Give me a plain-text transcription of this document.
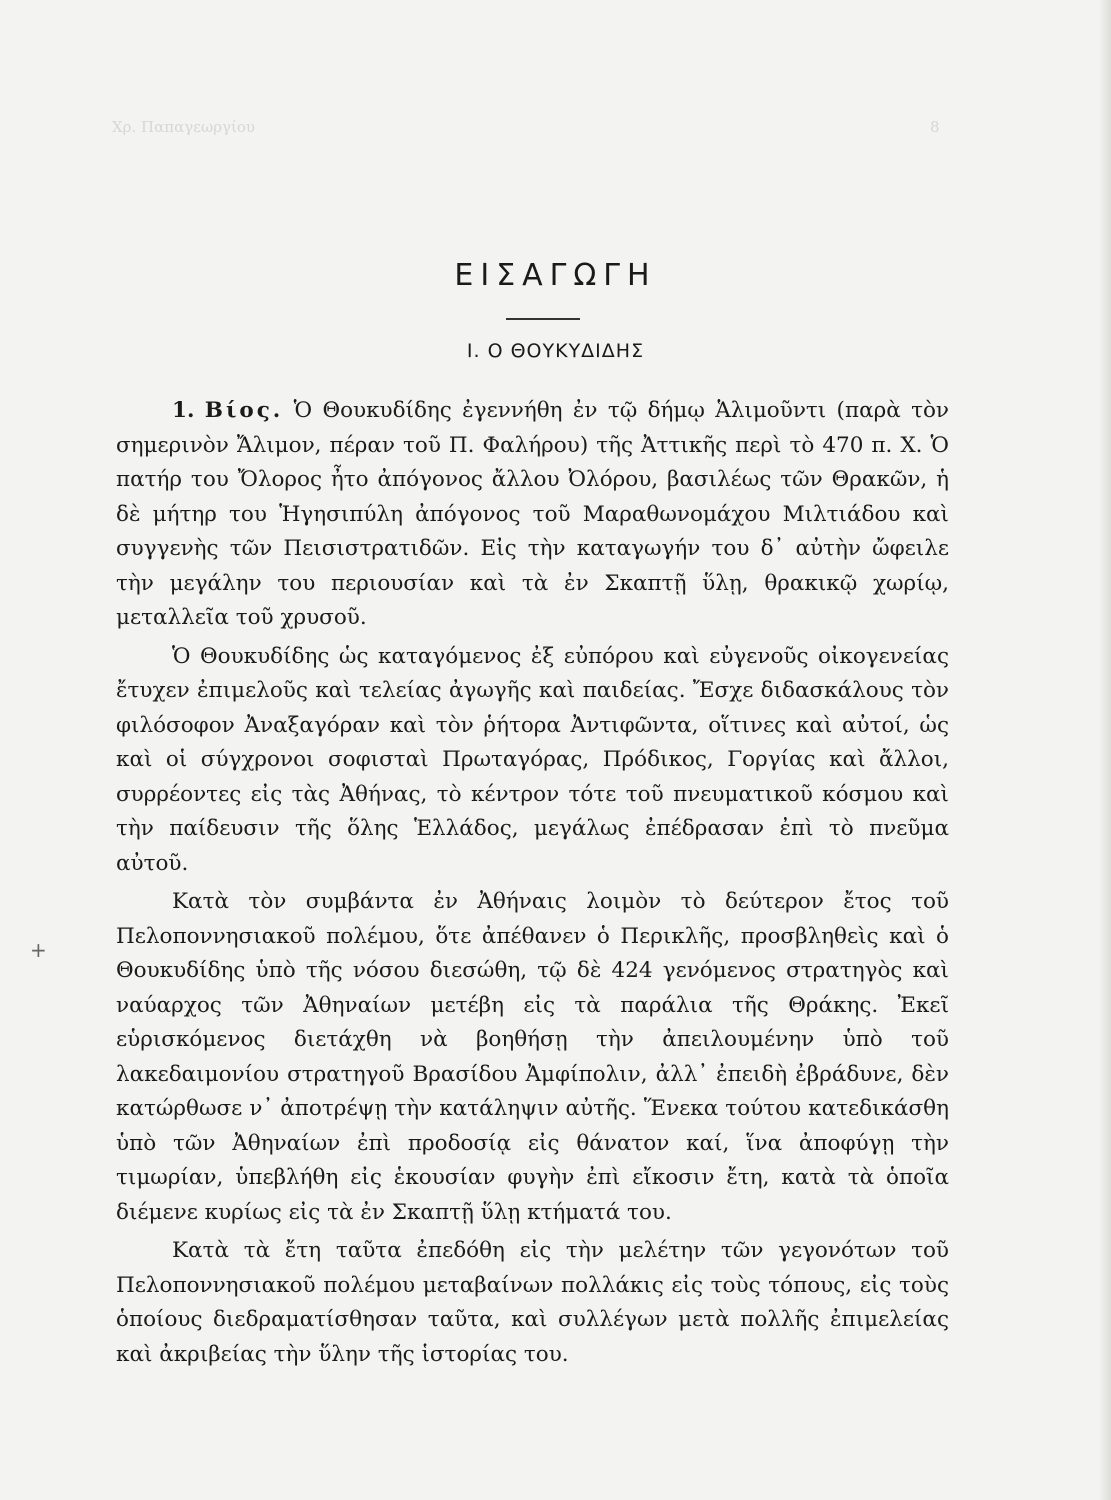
Χρ. Παπαγεωργίου	8
ΕΙΣΑΓΩΓΗ
Ι. Ο ΘΟΥΚΥΔΙΔΗΣ

1. Βίος. Ὁ Θουκυδίδης ἐγεννήθη ἐν τῷ δήμῳ Ἁλιμοῦντι (παρὰ τὸν σημερινὸν Ἄλιμον, πέραν τοῦ Π. Φαλήρου) τῆς Ἀττικῆς περὶ τὸ 470 π. Χ. Ὁ πατήρ του Ὄλορος ἦτο ἀπόγονος ἄλλου Ὀλόρου, βασιλέως τῶν Θρακῶν, ἡ δὲ μήτηρ του Ἡγησιπύλη ἀπόγονος τοῦ Μαραθωνομάχου Μιλτιάδου καὶ συγγενὴς τῶν Πεισιστρατιδῶν. Εἰς τὴν καταγωγήν του δ᾿ αὐτὴν ὤφειλε τὴν μεγάλην του περιουσίαν καὶ τὰ ἐν Σκαπτῇ ὕλῃ, θρακικῷ χωρίῳ, μεταλλεῖα τοῦ χρυσοῦ.

Ὁ Θουκυδίδης ὡς καταγόμενος ἐξ εὐπόρου καὶ εὐγενοῦς οἰκογενείας ἔτυχεν ἐπιμελοῦς καὶ τελείας ἀγωγῆς καὶ παιδείας. Ἔσχε διδασκάλους τὸν φιλόσοφον Ἀναξαγόραν καὶ τὸν ῥήτορα Ἀντιφῶντα, οἵτινες καὶ αὐτοί, ὡς καὶ οἱ σύγχρονοι σοφισταὶ Πρωταγόρας, Πρόδικος, Γοργίας καὶ ἄλλοι, συρρέοντες εἰς τὰς Ἀθήνας, τὸ κέντρον τότε τοῦ πνευματικοῦ κόσμου καὶ τὴν παίδευσιν τῆς ὅλης Ἑλλάδος, μεγάλως ἐπέδρασαν ἐπὶ τὸ πνεῦμα αὐτοῦ.

Κατὰ τὸν συμβάντα ἐν Ἀθήναις λοιμὸν τὸ δεύτερον ἔτος τοῦ Πελοποννησιακοῦ πολέμου, ὅτε ἀπέθανεν ὁ Περικλῆς, προσβληθεὶς καὶ ὁ Θουκυδίδης ὑπὸ τῆς νόσου διεσώθη, τῷ δὲ 424 γενόμενος στρατηγὸς καὶ ναύαρχος τῶν Ἀθηναίων μετέβη εἰς τὰ παράλια τῆς Θράκης. Ἐκεῖ εὑρισκόμενος διετάχθη νὰ βοηθήσῃ τὴν ἀπειλουμένην ὑπὸ τοῦ λακεδαιμονίου στρατηγοῦ Βρασίδου Ἀμφίπολιν, ἀλλ᾿ ἐπειδὴ ἐβράδυνε, δὲν κατώρθωσε ν᾿ ἀποτρέψῃ τὴν κατάληψιν αὐτῆς. Ἕνεκα τούτου κατεδικάσθη ὑπὸ τῶν Ἀθηναίων ἐπὶ προδοσίᾳ εἰς θάνατον καί, ἵνα ἀποφύγῃ τὴν τιμωρίαν, ὑπεβλήθη εἰς ἑκουσίαν φυγὴν ἐπὶ εἴκοσιν ἔτη, κατὰ τὰ ὁποῖα διέμενε κυρίως εἰς τὰ ἐν Σκαπτῇ ὕλῃ κτήματά του.

Κατὰ τὰ ἔτη ταῦτα ἐπεδόθη εἰς τὴν μελέτην τῶν γεγονότων τοῦ Πελοποννησιακοῦ πολέμου μεταβαίνων πολλάκις εἰς τοὺς τόπους, εἰς τοὺς ὁποίους διεδραματίσθησαν ταῦτα, καὶ συλλέγων μετὰ πολλῆς ἐπιμελείας καὶ ἀκριβείας τὴν ὕλην τῆς ἱστορίας του.

+
